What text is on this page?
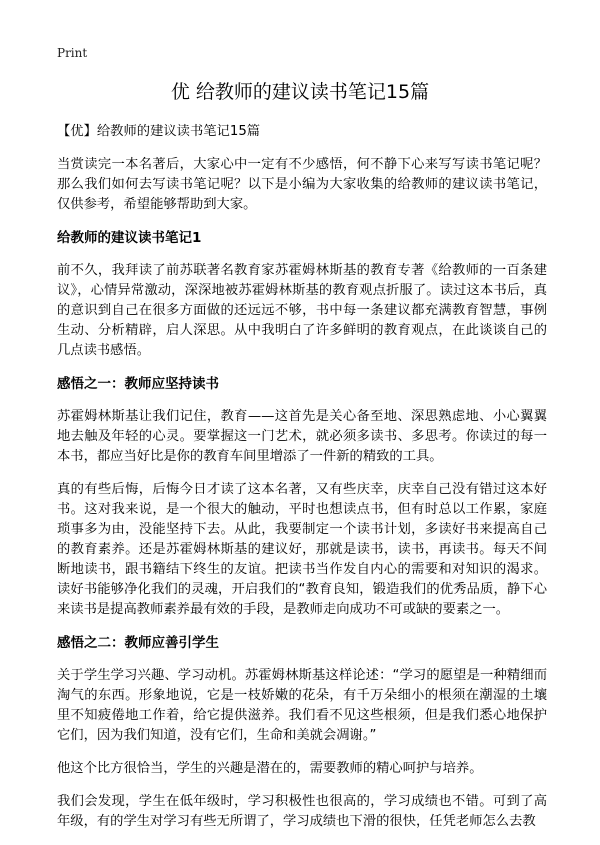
Print
优 给教师的建议读书笔记15篇

【优】给教师的建议读书笔记15篇

当赏读完一本名著后，大家心中一定有不少感悟，何不静下心来写写读书笔记呢？那么我们如何去写读书笔记呢？以下是小编为大家收集的给教师的建议读书笔记，仅供参考，希望能够帮助到大家。

给教师的建议读书笔记1

前不久，我拜读了前苏联著名教育家苏霍姆林斯基的教育专著《给教师的一百条建议》，心情异常激动，深深地被苏霍姆林斯基的教育观点折服了。读过这本书后，真的意识到自己在很多方面做的还远远不够，书中每一条建议都充满教育智慧，事例生动、分析精辟，启人深思。从中我明白了许多鲜明的教育观点，在此谈谈自己的几点读书感悟。

感悟之一：教师应坚持读书

苏霍姆林斯基让我们记住，教育——这首先是关心备至地、深思熟虑地、小心翼翼地去触及年轻的心灵。要掌握这一门艺术，就必须多读书、多思考。你读过的每一本书，都应当好比是你的教育车间里增添了一件新的精致的工具。

真的有些后悔，后悔今日才读了这本名著，又有些庆幸，庆幸自己没有错过这本好书。这对我来说，是一个很大的触动，平时也想读点书，但有时总以工作累，家庭琐事多为由，没能坚持下去。从此，我要制定一个读书计划，多读好书来提高自己的教育素养。还是苏霍姆林斯基的建议好，那就是读书，读书，再读书。每天不间断地读书，跟书籍结下终生的友谊。把读书当作发自内心的需要和对知识的渴求。读好书能够净化我们的灵魂，开启我们的“教育良知，锻造我们的优秀品质，静下心来读书是提高教师素养最有效的手段，是教师走向成功不可或缺的要素之一。

感悟之二：教师应善引学生

关于学生学习兴趣、学习动机。苏霍姆林斯基这样论述：“学习的愿望是一种精细而淘气的东西。形象地说，它是一枝娇嫩的花朵，有千万朵细小的根须在潮湿的土壤里不知疲倦地工作着，给它提供滋养。我们看不见这些根须，但是我们悉心地保护它们，因为我们知道，没有它们，生命和美就会凋谢。”

他这个比方很恰当，学生的兴趣是潜在的，需要教师的精心呵护与培养。

我们会发现，学生在低年级时，学习积极性也很高的，学习成绩也不错。可到了高年级，有的学生对学习有些无所谓了，学习成绩也下滑的很快，任凭老师怎么去教
